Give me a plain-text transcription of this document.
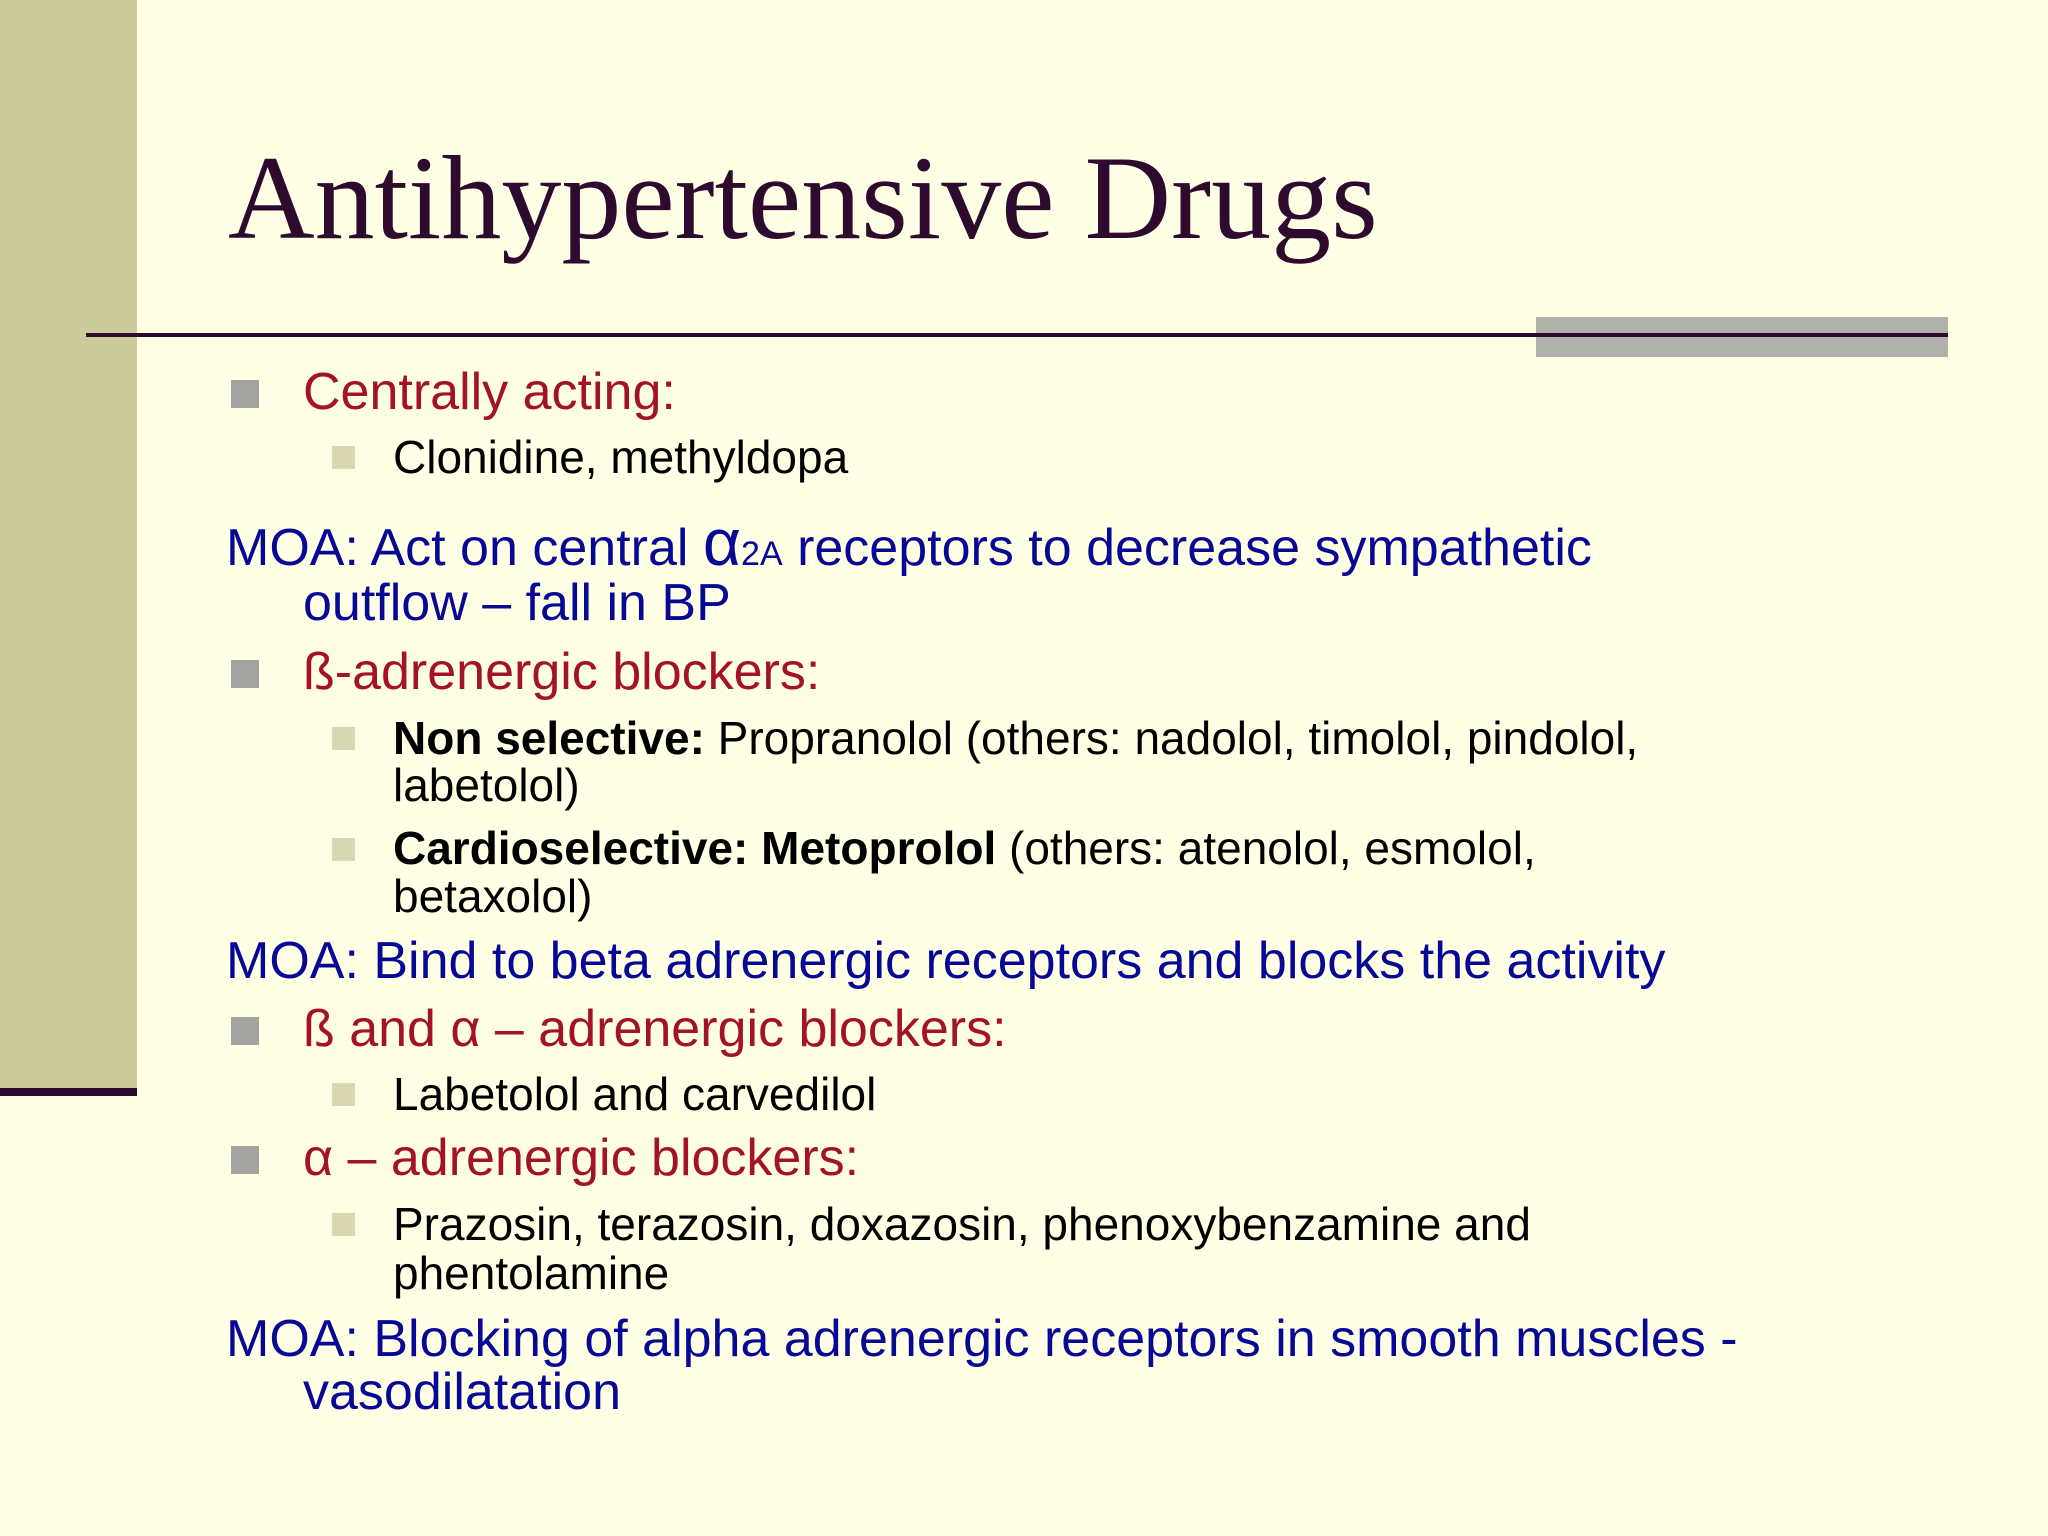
Antihypertensive Drugs
Centrally acting:
Clonidine, methyldopa
MOA: Act on central α2A receptors to decrease sympathetic
outflow – fall in BP
ß-adrenergic blockers:
Non selective: Propranolol (others: nadolol, timolol, pindolol,
labetolol)
Cardioselective: Metoprolol (others: atenolol, esmolol,
betaxolol)
MOA: Bind to beta adrenergic receptors and blocks the activity
ß and α – adrenergic blockers:
Labetolol and carvedilol
α – adrenergic blockers:
Prazosin, terazosin, doxazosin, phenoxybenzamine and
phentolamine
MOA: Blocking of alpha adrenergic receptors in smooth muscles -
vasodilatation
